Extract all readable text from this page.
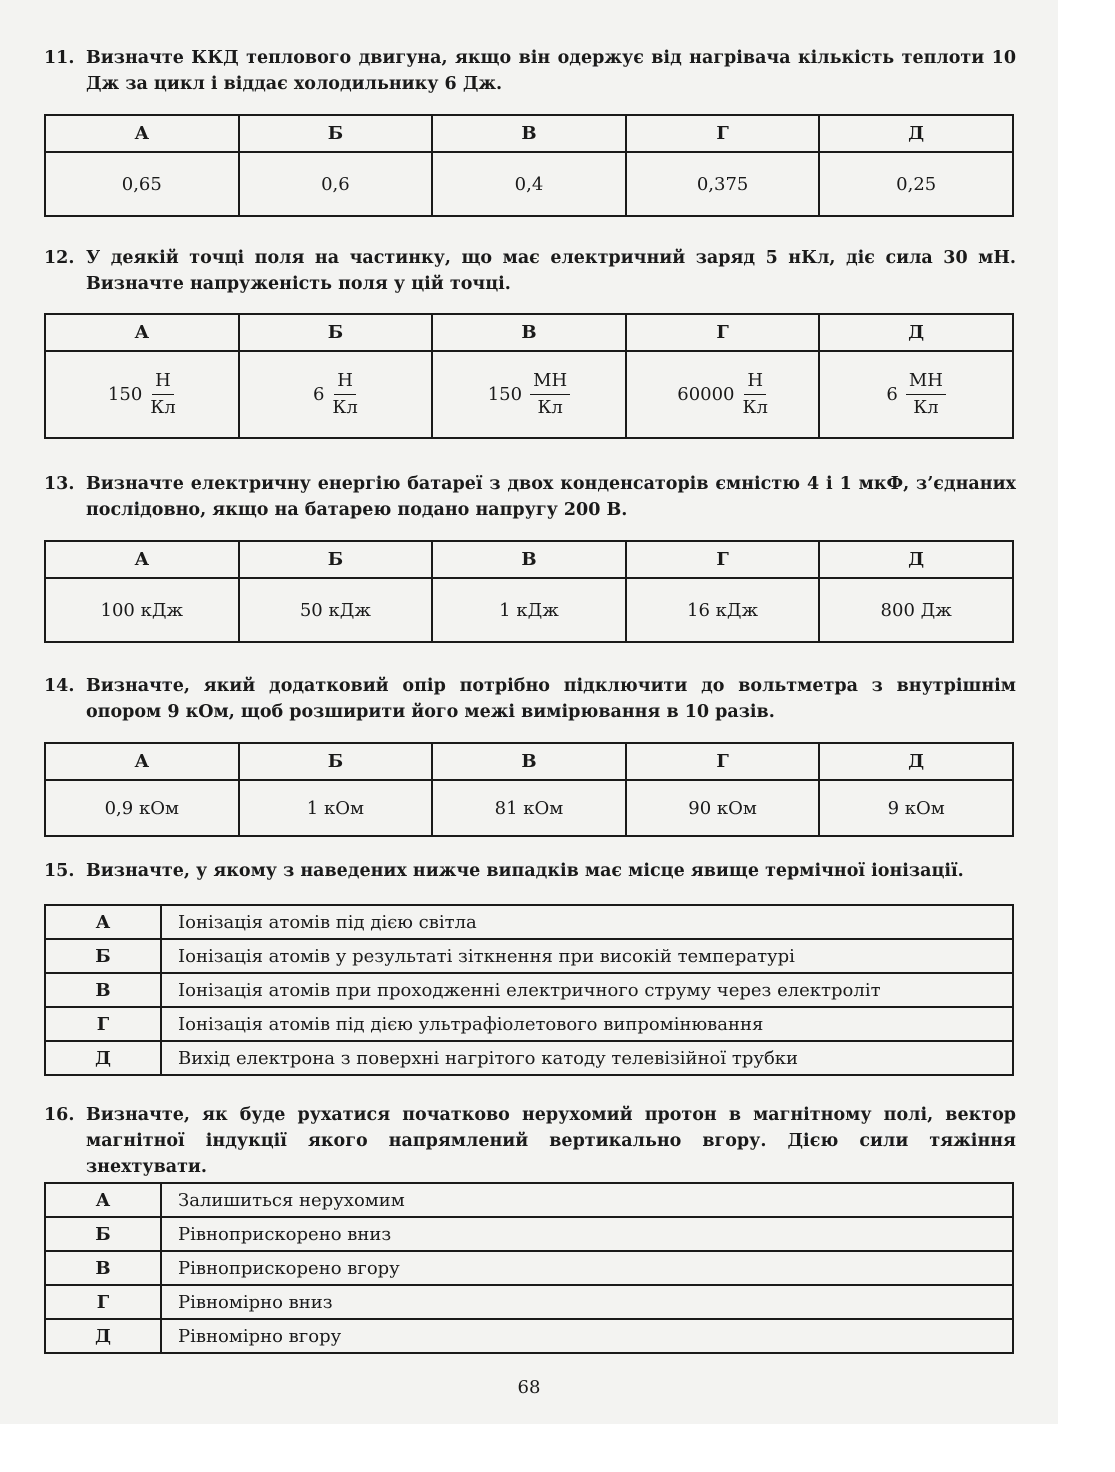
11. Визначте ККД теплового двигуна, якщо він одержує від нагрівача кількість теплоти 10 Дж за цикл і віддає холодильнику 6 Дж.
А	Б	В	Г	Д
0,65	0,6	0,4	0,375	0,25
12. У деякій точці поля на частинку, що має електричний заряд 5 нКл, діє сила 30 мН. Визначте напруженість поля у цій точці.
А	Б	В	Г	Д

$150 \frac{Н}{Кл}$	$6 \frac{Н}{Кл}$	$150 \frac{МН}{Кл}$	$60000 \frac{Н}{Кл}$	$6 \frac{МН}{Кл}$
13. Визначте електричну енергію батареї з двох конденсаторів ємністю 4 і 1 мкФ, з’єднаних послідовно, якщо на батарею подано напругу 200 В.
А	Б	В	Г	Д
100 кДж	50 кДж	1 кДж	16 кДж	800 Дж
14. Визначте, який додатковий опір потрібно підключити до вольтметра з внутрішнім опором 9 кОм, щоб розширити його межі вимірювання в 10 разів.
А	Б	В	Г	Д
0,9 кОм	1 кОм	81 кОм	90 кОм	9 кОм
15. Визначте, у якому з наведених нижче випадків має місце явище термічної іонізації.
А	Іонізація атомів під дією світла
Б	Іонізація атомів у результаті зіткнення при високій температурі
В	Іонізація атомів при проходженні електричного струму через електроліт
Г	Іонізація атомів під дією ультрафіолетового випромінювання
Д	Вихід електрона з поверхні нагрітого катоду телевізійної трубки
16. Визначте, як буде рухатися початково нерухомий протон в магнітному полі, вектор магнітної індукції якого напрямлений вертикально вгору. Дією сили тяжіння знехтувати.
А	Залишиться нерухомим
Б	Рівноприскорено вниз
В	Рівноприскорено вгору
Г	Рівномірно вниз
Д	Рівномірно вгору
68
